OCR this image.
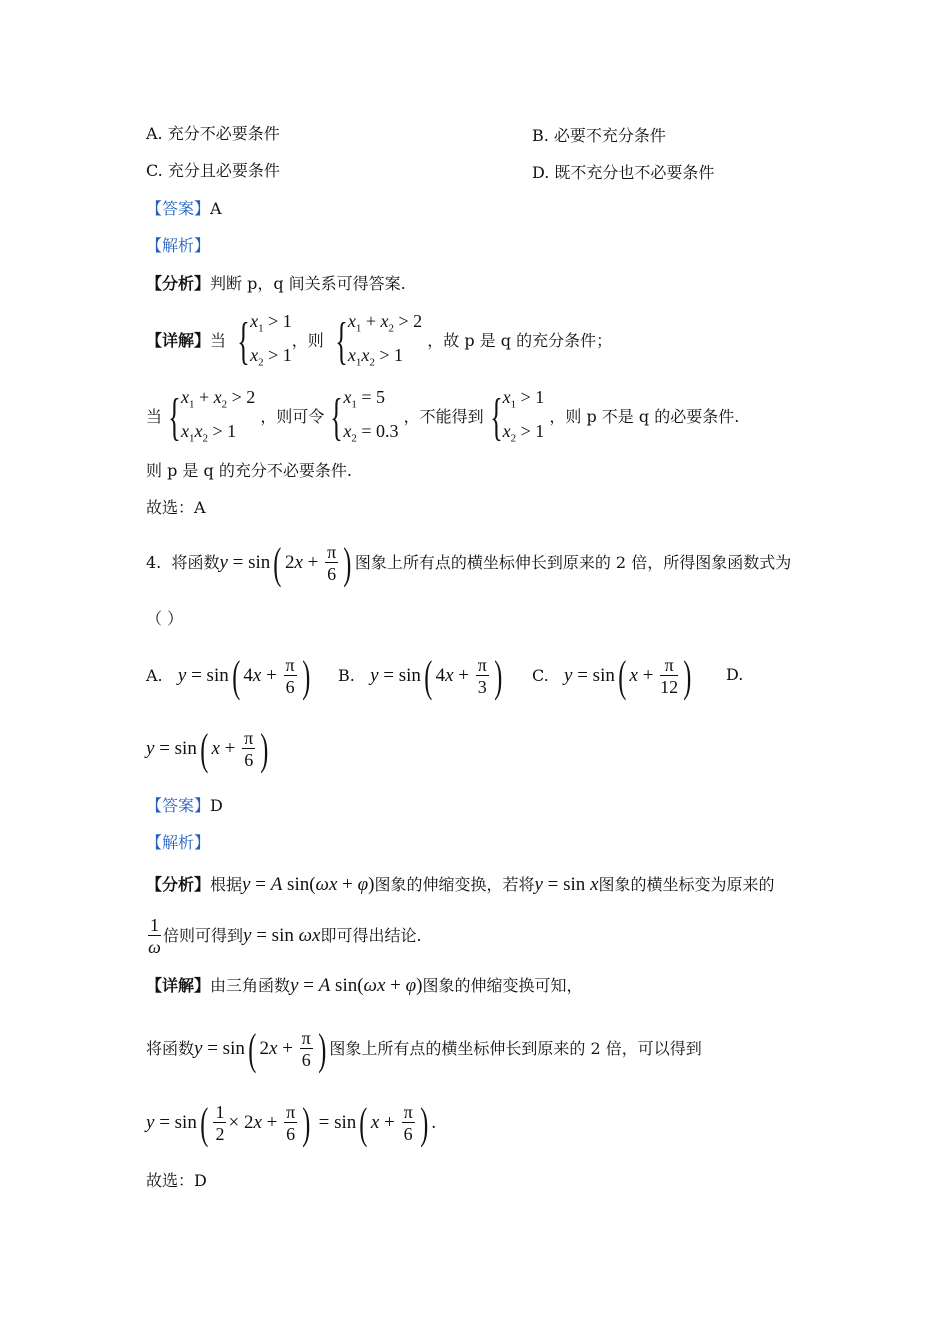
A. 充分不必要条件	B. 必要不充分条件
C. 充分且必要条件	D. 既不充分也不必要条件
【答案】A
【解析】
【分析】判断 p，q 间关系可得答案.
【详解】当 { $x_1 > 1$
$x_2 > 1$
，则 { $x_1 + x_2 > 2$
$x_1x_2 > 1$
，故 p 是 q 的充分条件；
当 { $x_1 + x_2 > 2$
$x_1x_2 > 1$
，则可令 { $x_1 = 5$
$x_2 = 0.3$
，不能得到 { $x_1 > 1$
$x_2 > 1$
，则 p 不是 q 的必要条件.
则 p 是 q 的充分不必要条件.
故选：A
4. 将函数y = sin( $2x + \frac{\pi}{6}$ ) 图象上所有点的横坐标伸长到原来的 2 倍，所得图象函数式为
（ ）
A. y = sin( $4x + \frac{\pi}{6}$ ) B. y = sin( $4x + \frac{\pi}{3}$ ) C. y = sin( $x + \frac{\pi}{12}$ ) D.
y = sin( $x + \frac{\pi}{6}$ )
【答案】D
【解析】
【分析】根据y = A sin(ωx + φ)图象的伸缩变换，若将y = sin x图象的横坐标变为原来的
$\frac{1}{\omega}$ 倍则可得到y = sin ωx即可得出结论.
【详解】由三角函数y = A sin(ωx + φ)图象的伸缩变换可知，
将函数y = sin( $2x + \frac{\pi}{6}$ ) 图象上所有点的横坐标伸长到原来的 2 倍，可以得到
$y = \sin( \frac{1}{2} \times 2x + \frac{\pi}{6}$ ) = sin( $x + \frac{\pi}{6}$ ) .
故选：D
